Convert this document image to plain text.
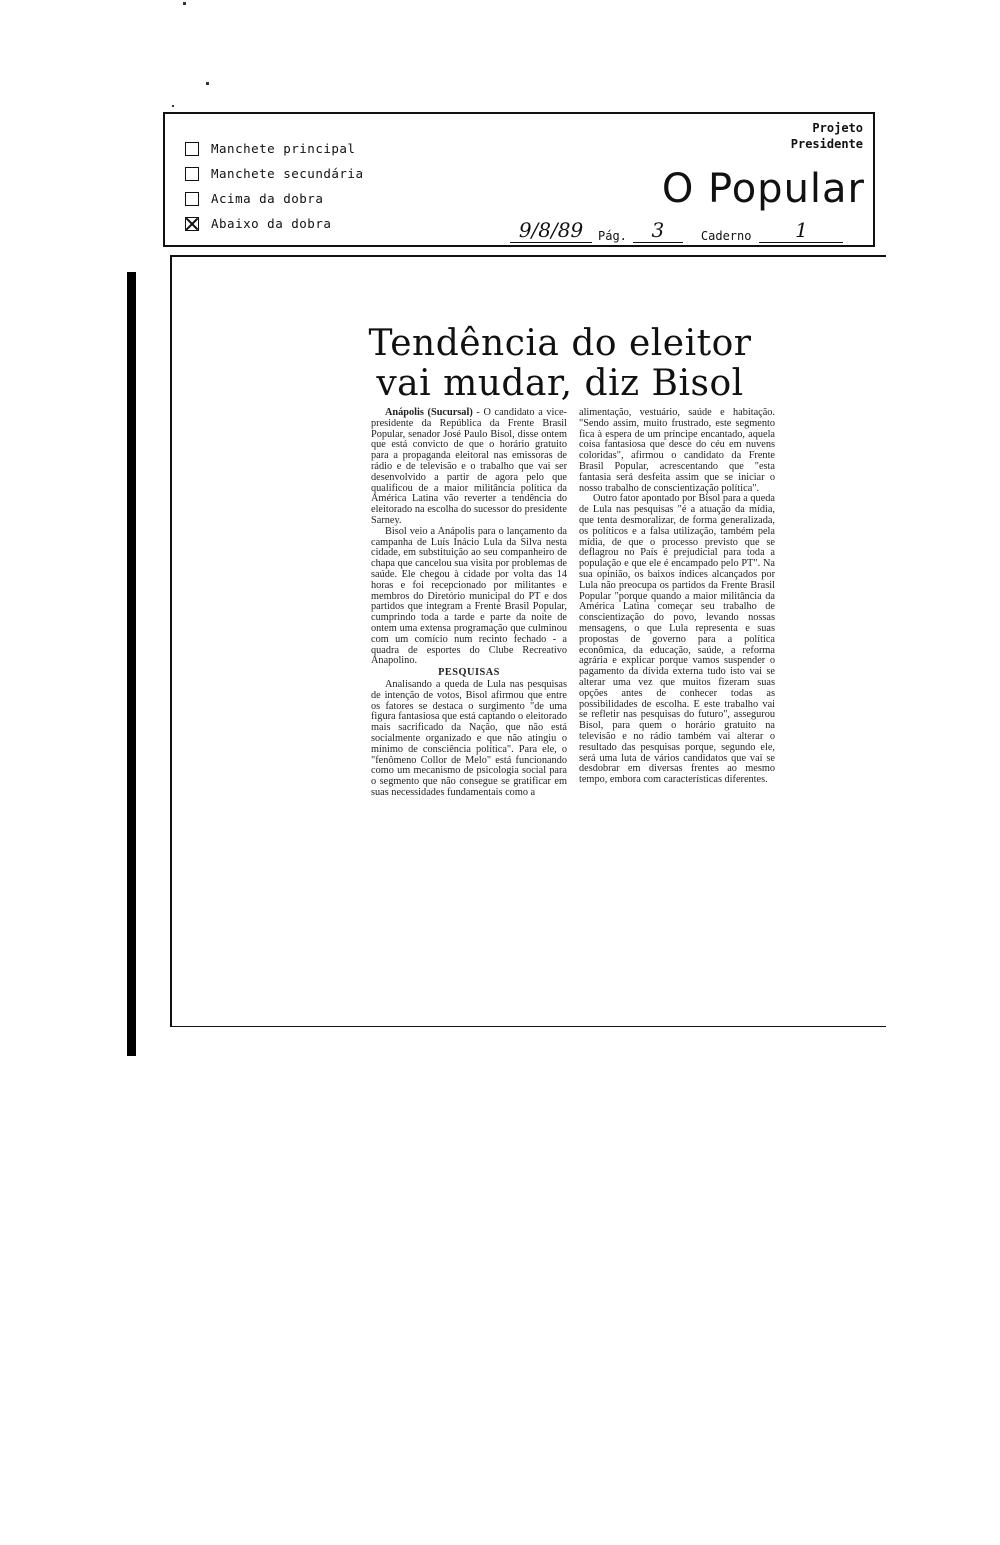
Manchete principal
Manchete secundária
Acima da dobra
Abaixo da dobra
Projeto
Presidente
O Popular
9/8/89	Pág.	3	Caderno	1
Tendência do eleitor
vai mudar, diz Bisol

Anápolis (Sucursal) - O candidato a vice-presidente da República da Frente Brasil Popular, senador José Paulo Bisol, disse ontem que está convicto de que o horário gratuito para a propaganda eleitoral nas emissoras de rádio e de televisão e o trabalho que vai ser desenvolvido a partir de agora pelo que qualificou de a maior militância política da América Latina vão reverter a tendência do eleitorado na escolha do sucessor do presidente Sarney.

Bisol veio a Anápolis para o lançamento da campanha de Luís Inácio Lula da Silva nesta cidade, em substituição ao seu companheiro de chapa que cancelou sua visita por problemas de saúde. Ele chegou à cidade por volta das 14 horas e foi recepcionado por militantes e membros do Diretório municipal do PT e dos partidos que integram a Frente Brasil Popular, cumprindo toda a tarde e parte da noite de ontem uma extensa programação que culminou com um comício num recinto fechado - a quadra de esportes do Clube Recreativo Anapolino.

PESQUISAS

Analisando a queda de Lula nas pesquisas de intenção de votos, Bisol afirmou que entre os fatores se destaca o surgimento "de uma figura fantasiosa que está captando o eleitorado mais sacrificado da Nação, que não está socialmente organizado e que não atingiu o mínimo de consciência política". Para ele, o "fenômeno Collor de Melo" está funcionando como um mecanismo de psicologia social para o segmento que não consegue se gratificar em suas necessidades fundamentais como a

alimentação, vestuário, saúde e habitação. "Sendo assim, muito frustrado, este segmento fica à espera de um príncipe encantado, aquela coisa fantasiosa que desce do céu em nuvens coloridas", afirmou o candidato da Frente Brasil Popular, acrescentando que "esta fantasia será desfeita assim que se iniciar o nosso trabalho de conscientização política".

Outro fator apontado por Bisol para a queda de Lula nas pesquisas "é a atuação da mídia, que tenta desmoralizar, de forma generalizada, os políticos e a falsa utilização, também pela mídia, de que o processo previsto que se deflagrou no País é prejudicial para toda a população e que ele é encampado pelo PT". Na sua opinião, os baixos índices alcançados por Lula não preocupa os partidos da Frente Brasil Popular "porque quando a maior militância da América Latina começar seu trabalho de conscientização do povo, levando nossas mensagens, o que Lula representa e suas propostas de governo para a política econômica, da educação, saúde, a reforma agrária e explicar porque vamos suspender o pagamento da dívida externa tudo isto vai se alterar uma vez que muitos fizeram suas opções antes de conhecer todas as possibilidades de escolha. E este trabalho vai se refletir nas pesquisas do futuro", assegurou Bisol, para quem o horário gratuito na televisão e no rádio também vai alterar o resultado das pesquisas porque, segundo ele, será uma luta de vários candidatos que vai se desdobrar em diversas frentes ao mesmo tempo, embora com características diferentes.
